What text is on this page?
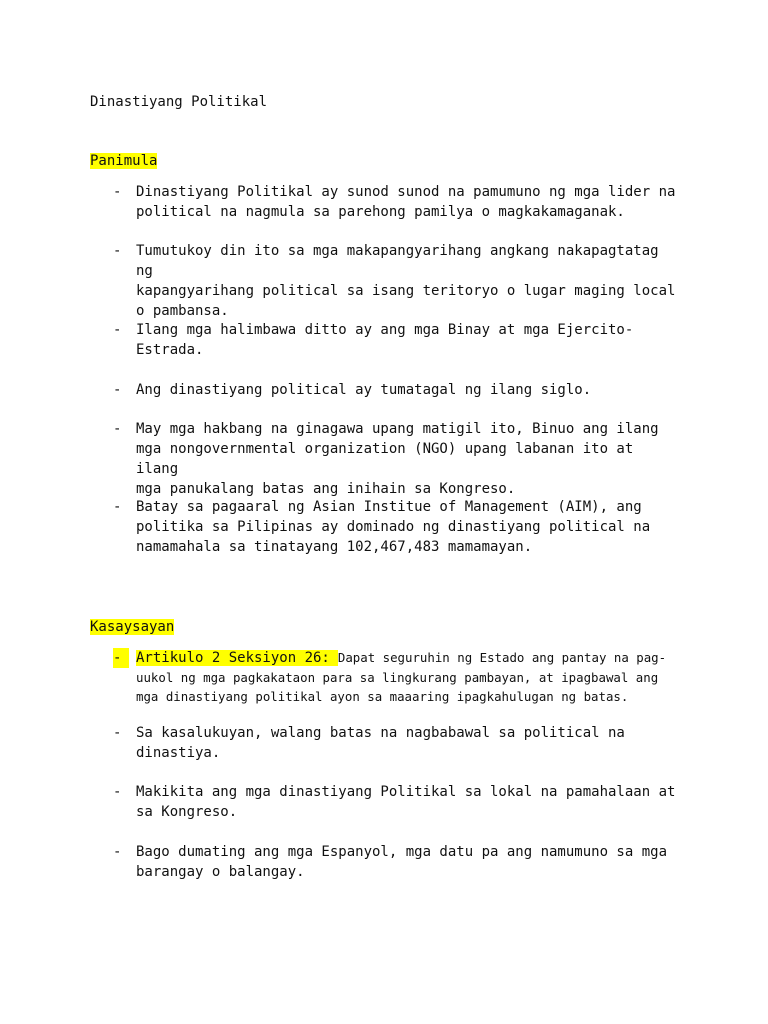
Dinastiyang Politikal
Panimula
-	Dinastiyang Politikal ay sunod sunod na pamumuno ng mga lider na
political na nagmula sa parehong pamilya o magkakamaganak.
-	Tumutukoy din ito sa mga makapangyarihang angkang nakapagtatag ng
kapangyarihang political sa isang teritoryo o lugar maging local
o pambansa.
-	Ilang mga halimbawa ditto ay ang mga Binay at mga Ejercito-
Estrada.
-	Ang dinastiyang political ay tumatagal ng ilang siglo.
-	May mga hakbang na ginagawa upang matigil ito, Binuo ang ilang
mga nongovernmental organization (NGO) upang labanan ito at ilang
mga panukalang batas ang inihain sa Kongreso.
-	Batay sa pagaaral ng Asian Institue of Management (AIM), ang
politika sa Pilipinas ay dominado ng dinastiyang political na
namamahala sa tinatayang 102,467,483 mamamayan.
Kasaysayan
-	Artikulo 2 Seksiyon 26: Dapat seguruhin ng Estado ang pantay na pag-
uukol ng mga pagkakataon para sa lingkurang pambayan, at ipagbawal ang
mga dinastiyang politikal ayon sa maaaring ipagkahulugan ng batas.
-	Sa kasalukuyan, walang batas na nagbabawal sa political na
dinastiya.
-	Makikita ang mga dinastiyang Politikal sa lokal na pamahalaan at
sa Kongreso.
-	Bago dumating ang mga Espanyol, mga datu pa ang namumuno sa mga
barangay o balangay.
